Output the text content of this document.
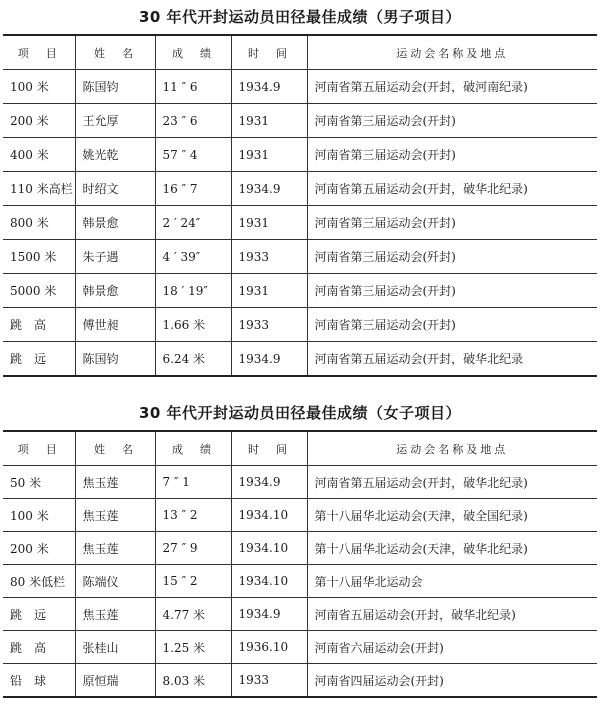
30 年代开封运动员田径最佳成绩（男子项目）
项　目	姓　名	成　绩	时　间	运动会名称及地点
100 米	陈国钧	11 ″ 6	1934.9	河南省第五届运动会(开封，破河南纪录)
200 米	王允厚	23 ″ 6	1931	河南省第三届运动会(开封)
400 米	姚光乾	57 ″ 4	1931	河南省第三届运动会(开封)
110 米高栏	时绍文	16 ″ 7	1934.9	河南省第五届运动会(开封，破华北纪录)
800 米	韩景愈	2 ′ 24″	1931	河南省第三届运动会(开封)
1500 米	朱子遇	4 ′ 39″	1933	河南省第三届运动会(歼封)
5000 米	韩景愈	18 ′ 19″	1931	河南省第三届运动会(开封)
跳　高	傅世昶	1.66 米	1933	河南省第三届运动会(开封)
跳　远	陈国钧	6.24 米	1934.9	河南省第五届运动会(开封，破华北纪录
30 年代开封运动员田径最佳成绩（女子项目）
项　目	姓　名	成　绩	时　间	运动会名称及地点
50 米	焦玉莲	7 ″ 1	1934.9	河南省第五届运动会(开封，破华北纪录)
100 米	焦玉莲	13 ″ 2	1934.10	第十八届华北运动会(天津，破全国纪录)
200 米	焦玉莲	27 ″ 9	1934.10	第十八届华北运动会(天津，破华北纪录)
80 米低栏	陈端仪	15 ″ 2	1934.10	第十八届华北运动会
跳　远	焦玉莲	4.77 米	1934.9	河南省五届运动会(开封，破华北纪录)
跳　高	张桂山	1.25 米	1936.10	河南省六届运动会(开封)
铅　球	原恒瑞	8.03 米	1933	河南省四届运动会(开封)
